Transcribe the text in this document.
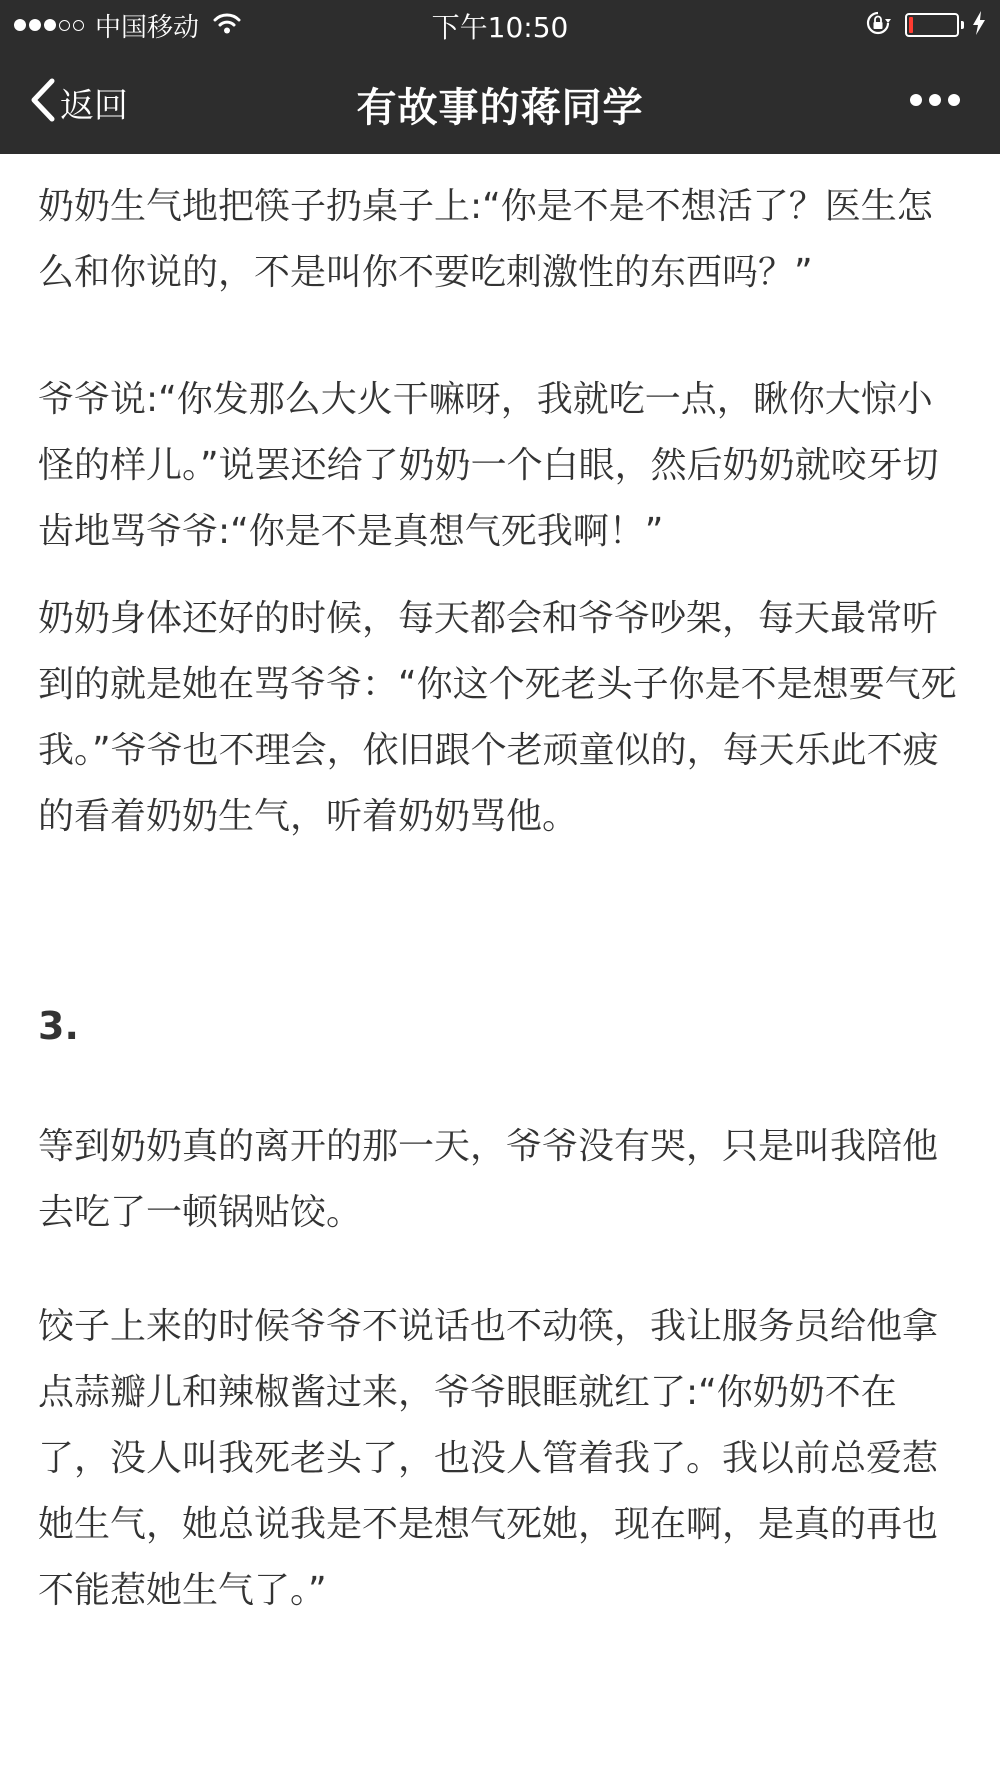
中国移动	下午10:50
返回	有故事的蒋同学

奶奶生气地把筷子扔桌子上:“你是不是不想活了？医生怎么和你说的，不是叫你不要吃刺激性的东西吗？”

爷爷说:“你发那么大火干嘛呀，我就吃一点，瞅你大惊小怪的样儿。”说罢还给了奶奶一个白眼，然后奶奶就咬牙切齿地骂爷爷:“你是不是真想气死我啊！”

奶奶身体还好的时候，每天都会和爷爷吵架，每天最常听到的就是她在骂爷爷：“你这个死老头子你是不是想要气死我。”爷爷也不理会，依旧跟个老顽童似的，每天乐此不疲的看着奶奶生气，听着奶奶骂他。

3.

等到奶奶真的离开的那一天，爷爷没有哭，只是叫我陪他去吃了一顿锅贴饺。

饺子上来的时候爷爷不说话也不动筷，我让服务员给他拿点蒜瓣儿和辣椒酱过来，爷爷眼眶就红了:“你奶奶不在了，没人叫我死老头了，也没人管着我了。我以前总爱惹她生气，她总说我是不是想气死她，现在啊，是真的再也不能惹她生气了。”
